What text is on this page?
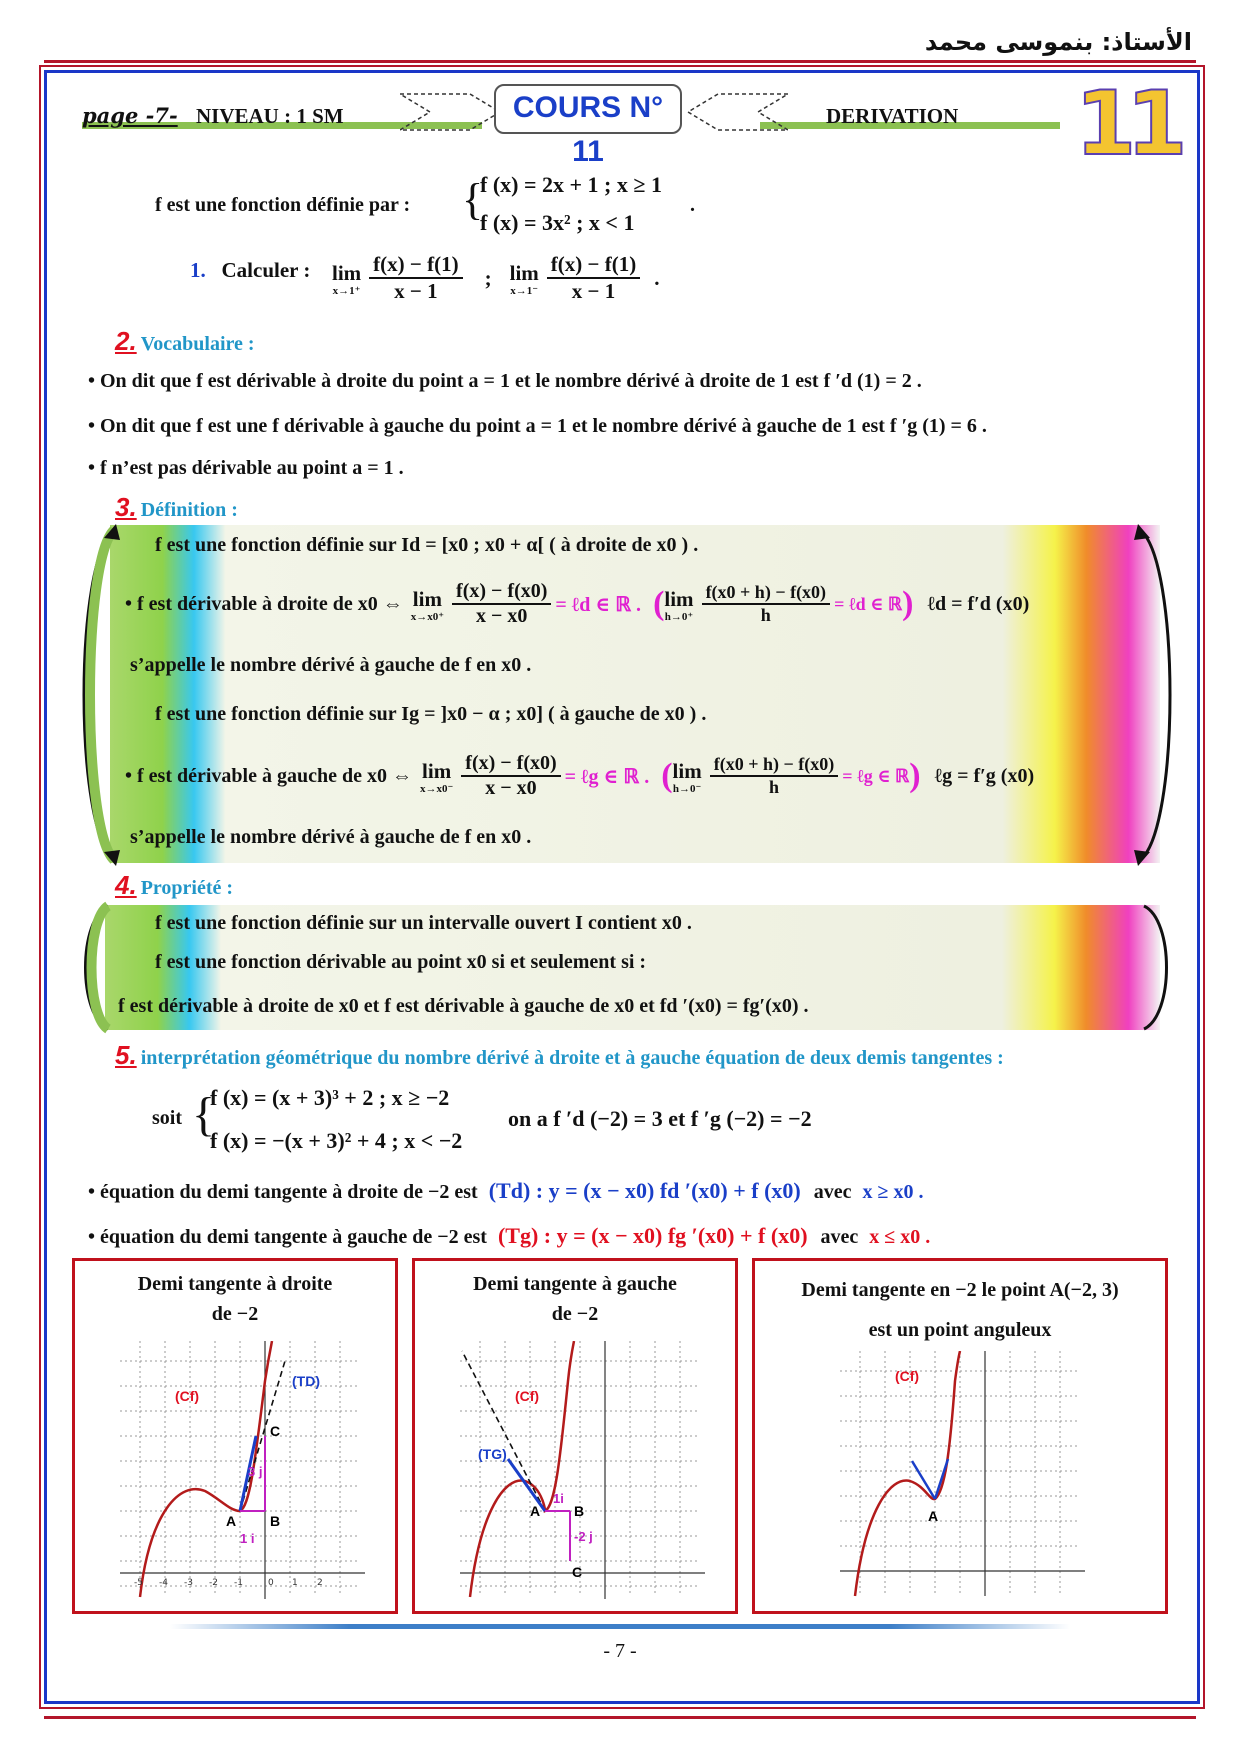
الأستاذ: بنموسى محمد
page -7- NIVEAU : 1 SM	DERIVATION
COURS N° 11	11
f est une fonction définie par : {
f (x) = 2x + 1 ; x ≥ 1
f (x) = 3x² ; x < 1
.
1. Calculer : lim
$x\to 1^+ \frac{f(x) - f(1)}{x - 1}$ ; lim
$x\to 1^- \frac{f(x) - f(1)}{x - 1}$ .
2. Vocabulaire :
• On dit que f est dérivable à droite du point a = 1 et le nombre dérivé à droite de 1 est f ′d (1) = 2 .
• On dit que f est une f dérivable à gauche du point a = 1 et le nombre dérivé à gauche de 1 est f ′g (1) = 6 .
• f n’est pas dérivable au point a = 1 .
3. Définition :
f est une fonction définie sur Id = [x0 ; x0 + α[ ( à droite de x0 ) .
• f est dérivable à droite de x0 ⇔ lim
$x\to x0^+ \frac{f(x) - f(x0)}{x - x0}$ = ℓd ∈ ℝ . ( lim
$h\to 0^+ \frac{f(x0 + h) - f(x0)}{h}$ = ℓd ∈ ℝ ) ℓd = f′d (x0)
s’appelle le nombre dérivé à gauche de f en x0 .
f est une fonction définie sur Ig = ]x0 − α ; x0] ( à gauche de x0 ) .
• f est dérivable à gauche de x0 ⇔ lim
$x\to x0^- \frac{f(x) - f(x0)}{x - x0}$ = ℓg ∈ ℝ . ( lim
$h\to 0^- \frac{f(x0 + h) - f(x0)}{h}$ = ℓg ∈ ℝ ) ℓg = f′g (x0)
s’appelle le nombre dérivé à gauche de f en x0 .
4. Propriété :
f est une fonction définie sur un intervalle ouvert I contient x0 .
f est une fonction dérivable au point x0 si et seulement si :
f est dérivable à droite de x0 et f est dérivable à gauche de x0 et fd ′(x0) = fg′(x0) .
5. interprétation géométrique du nombre dérivé à droite et à gauche équation de deux demis tangentes :
soit {
f (x) = (x + 3)³ + 2 ; x ≥ −2
f (x) = −(x + 3)² + 4 ; x < −2
on a f ′d (−2) = 3 et f ′g (−2) = −2
• équation du demi tangente à droite de −2 est (Td) : y = (x − x0) fd ′(x0) + f (x0) avec x ≥ x0 .
• équation du demi tangente à gauche de −2 est (Tg) : y = (x − x0) fg ′(x0) + f (x0) avec x ≤ x0 .
Demi tangente à droite
de −2
(Cf)
(TD)
A B
C
1 i
3 j
-5 -4 -3 -2 -1	0 1 2
Demi tangente à gauche
de −2
(Cf)
(TG)
A B
C
1i
-2 j
Demi tangente en −2 le point A(−2, 3)
est un point anguleux
(Cf)
A
- 7 -
